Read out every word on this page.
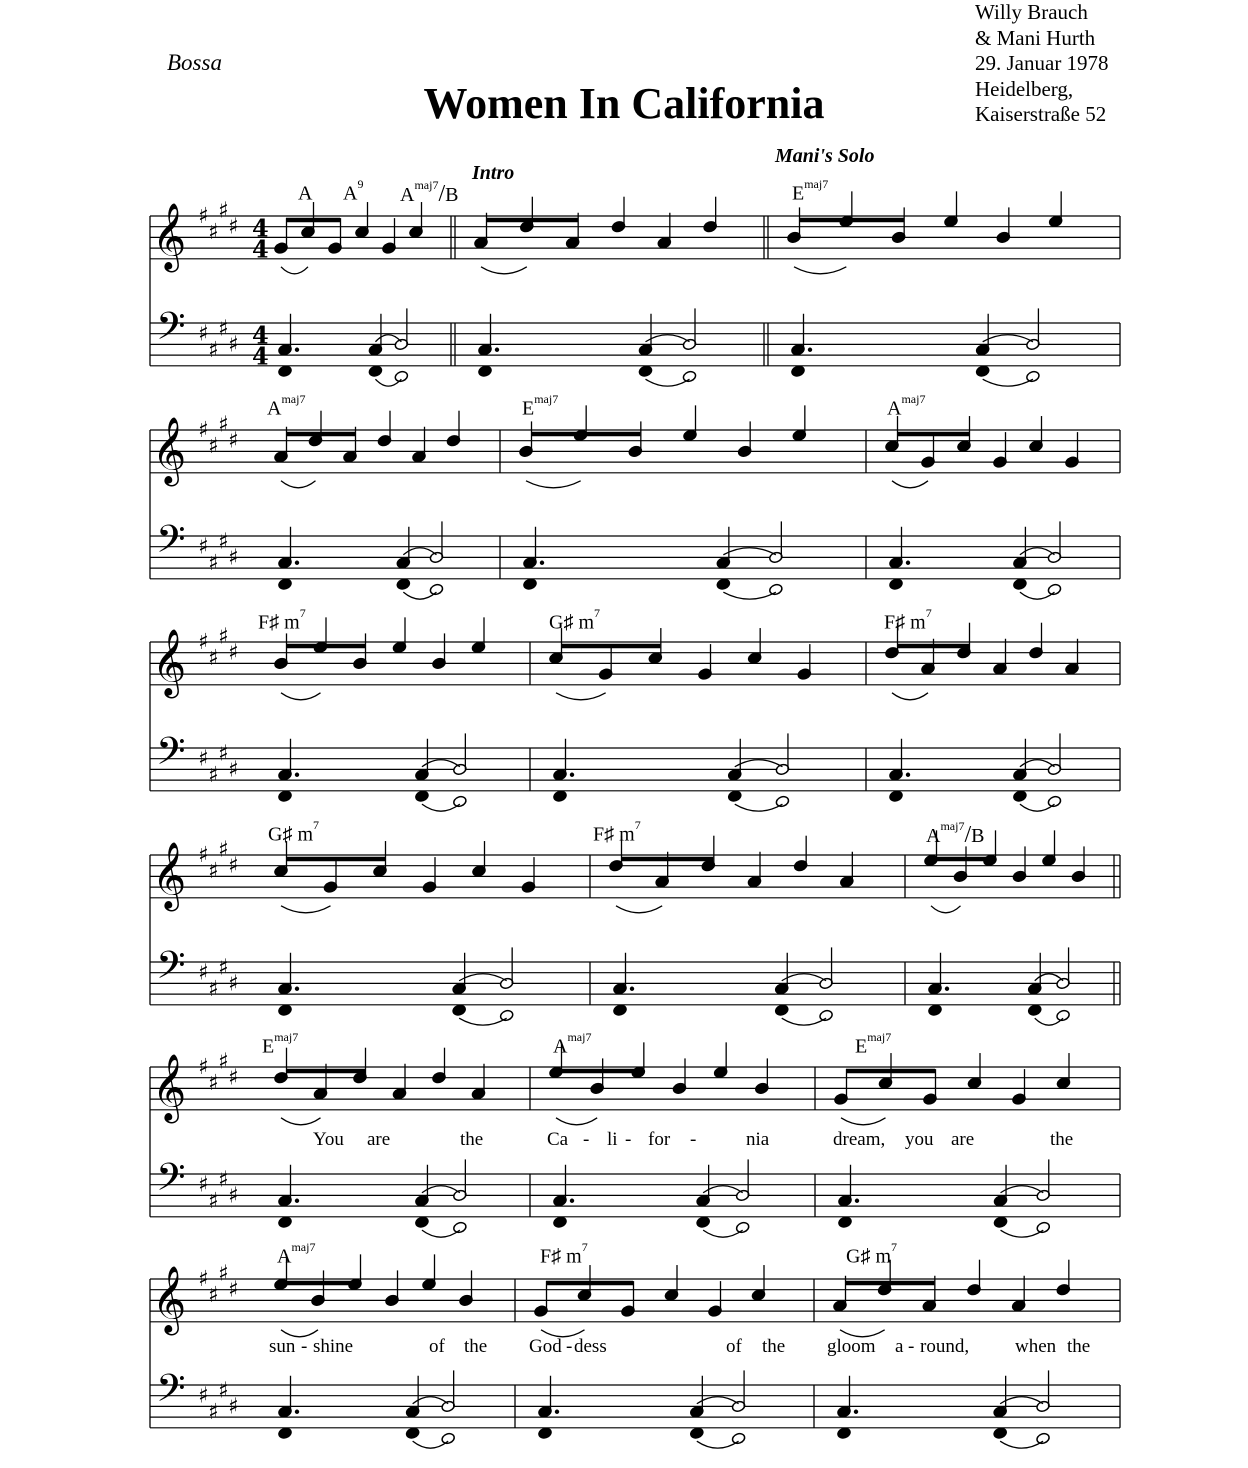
Bossa
Women In California
Willy Brauch
& Mani Hurth
29. Januar 1978
Heidelberg,
Kaiserstraße 52
Intro
Mani's Solo
A $A^9$ $A^{maj7}/B$	$E^{maj7}$
$A^{maj7}$	$E^{maj7}$	$A^{maj7}$
F♯ $m^7$	G♯ $m^7$	F♯ $m^7$
G♯ $m^7$	F♯ $m^7$	$A^{maj7}/B$
$E^{maj7}$	$A^{maj7}$	$E^{maj7}$
$A^{maj7}$	F♯ $m^7$	G♯ $m^7$
You are	the	Ca - li - for -	nia	dream, you are	the
sun - shine	of the God - dess	of the gloom a - round, when the
𝄞
𝄢
♯
♯
♯
♯
♯
♯
♯
♯
4
4
4
4
𝄞
𝄢
♯
♯
♯
♯
♯
♯
♯
♯
𝄞
𝄢
♯
♯
♯
♯
♯
♯
♯
♯
𝄞
𝄢
♯
♯
♯
♯
♯
♯
♯
♯
𝄞
𝄢
♯
♯
♯
♯
♯
♯
♯
♯
𝄞
𝄢
♯
♯
♯
♯
♯
♯
♯
♯
